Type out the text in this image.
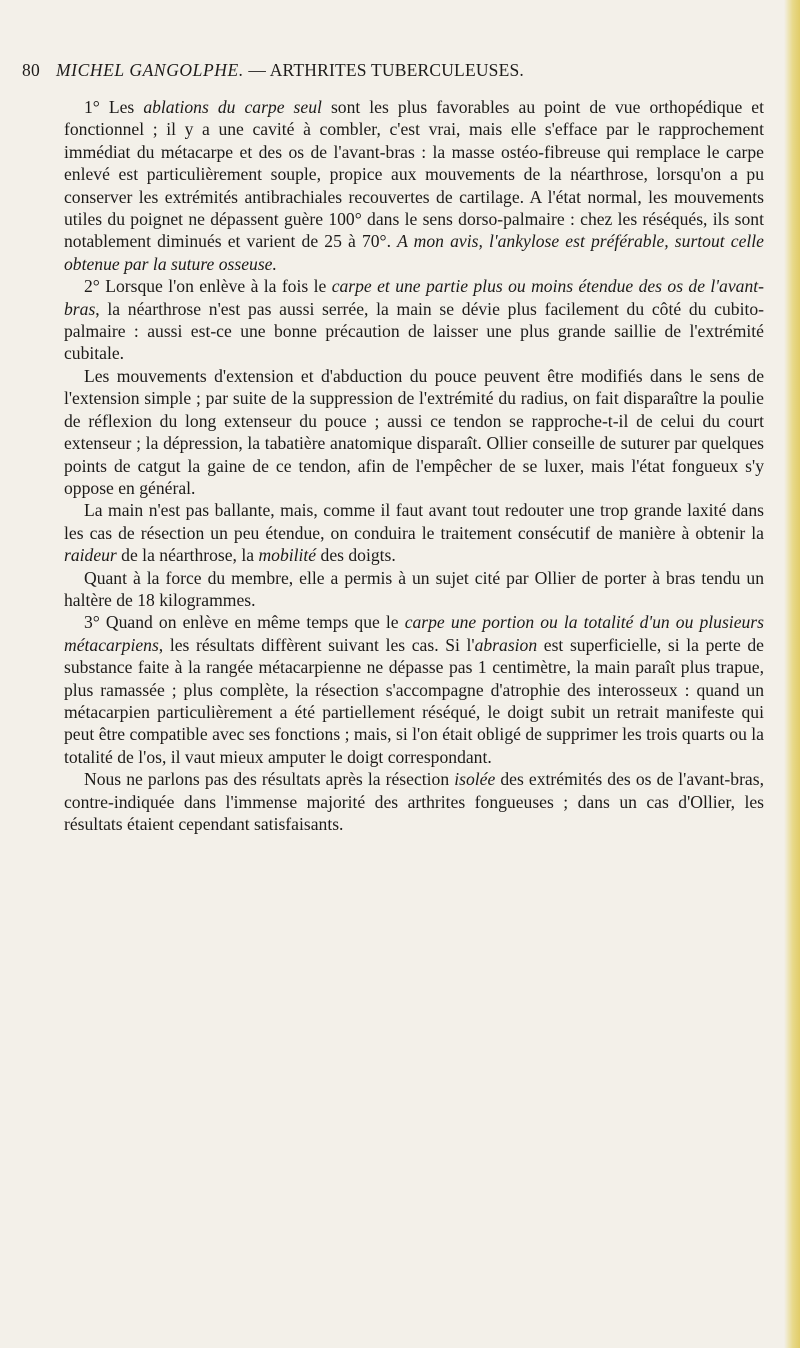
80 MICHEL GANGOLPHE. — ARTHRITES TUBERCULEUSES.

1° Les ablations du carpe seul sont les plus favorables au point de vue orthopédique et fonctionnel ; il y a une cavité à combler, c'est vrai, mais elle s'efface par le rapprochement immédiat du métacarpe et des os de l'avant-bras : la masse ostéo-fibreuse qui remplace le carpe enlevé est particulièrement souple, propice aux mouvements de la néarthrose, lorsqu'on a pu conserver les extrémités antibrachiales recouvertes de cartilage. A l'état normal, les mouvements utiles du poignet ne dépassent guère 100° dans le sens dorso-palmaire : chez les réséqués, ils sont notablement diminués et varient de 25 à 70°. A mon avis, l'ankylose est préférable, surtout celle obtenue par la suture osseuse.

2° Lorsque l'on enlève à la fois le carpe et une partie plus ou moins étendue des os de l'avant-bras, la néarthrose n'est pas aussi serrée, la main se dévie plus facilement du côté du cubito-palmaire : aussi est-ce une bonne précaution de laisser une plus grande saillie de l'extrémité cubitale.

Les mouvements d'extension et d'abduction du pouce peuvent être modifiés dans le sens de l'extension simple ; par suite de la suppression de l'extrémité du radius, on fait disparaître la poulie de réflexion du long extenseur du pouce ; aussi ce tendon se rapproche-t-il de celui du court extenseur ; la dépression, la tabatière anatomique disparaît. Ollier conseille de suturer par quelques points de catgut la gaine de ce tendon, afin de l'empêcher de se luxer, mais l'état fongueux s'y oppose en général.

La main n'est pas ballante, mais, comme il faut avant tout redouter une trop grande laxité dans les cas de résection un peu étendue, on conduira le traitement consécutif de manière à obtenir la raideur de la néarthrose, la mobilité des doigts.

Quant à la force du membre, elle a permis à un sujet cité par Ollier de porter à bras tendu un haltère de 18 kilogrammes.

3° Quand on enlève en même temps que le carpe une portion ou la totalité d'un ou plusieurs métacarpiens, les résultats diffèrent suivant les cas. Si l'abrasion est superficielle, si la perte de substance faite à la rangée métacarpienne ne dépasse pas 1 centimètre, la main paraît plus trapue, plus ramassée ; plus complète, la résection s'accompagne d'atrophie des interosseux : quand un métacarpien particulièrement a été partiellement réséqué, le doigt subit un retrait manifeste qui peut être compatible avec ses fonctions ; mais, si l'on était obligé de supprimer les trois quarts ou la totalité de l'os, il vaut mieux amputer le doigt correspondant.

Nous ne parlons pas des résultats après la résection isolée des extrémités des os de l'avant-bras, contre-indiquée dans l'immense majorité des arthrites fongueuses ; dans un cas d'Ollier, les résultats étaient cependant satisfaisants.
